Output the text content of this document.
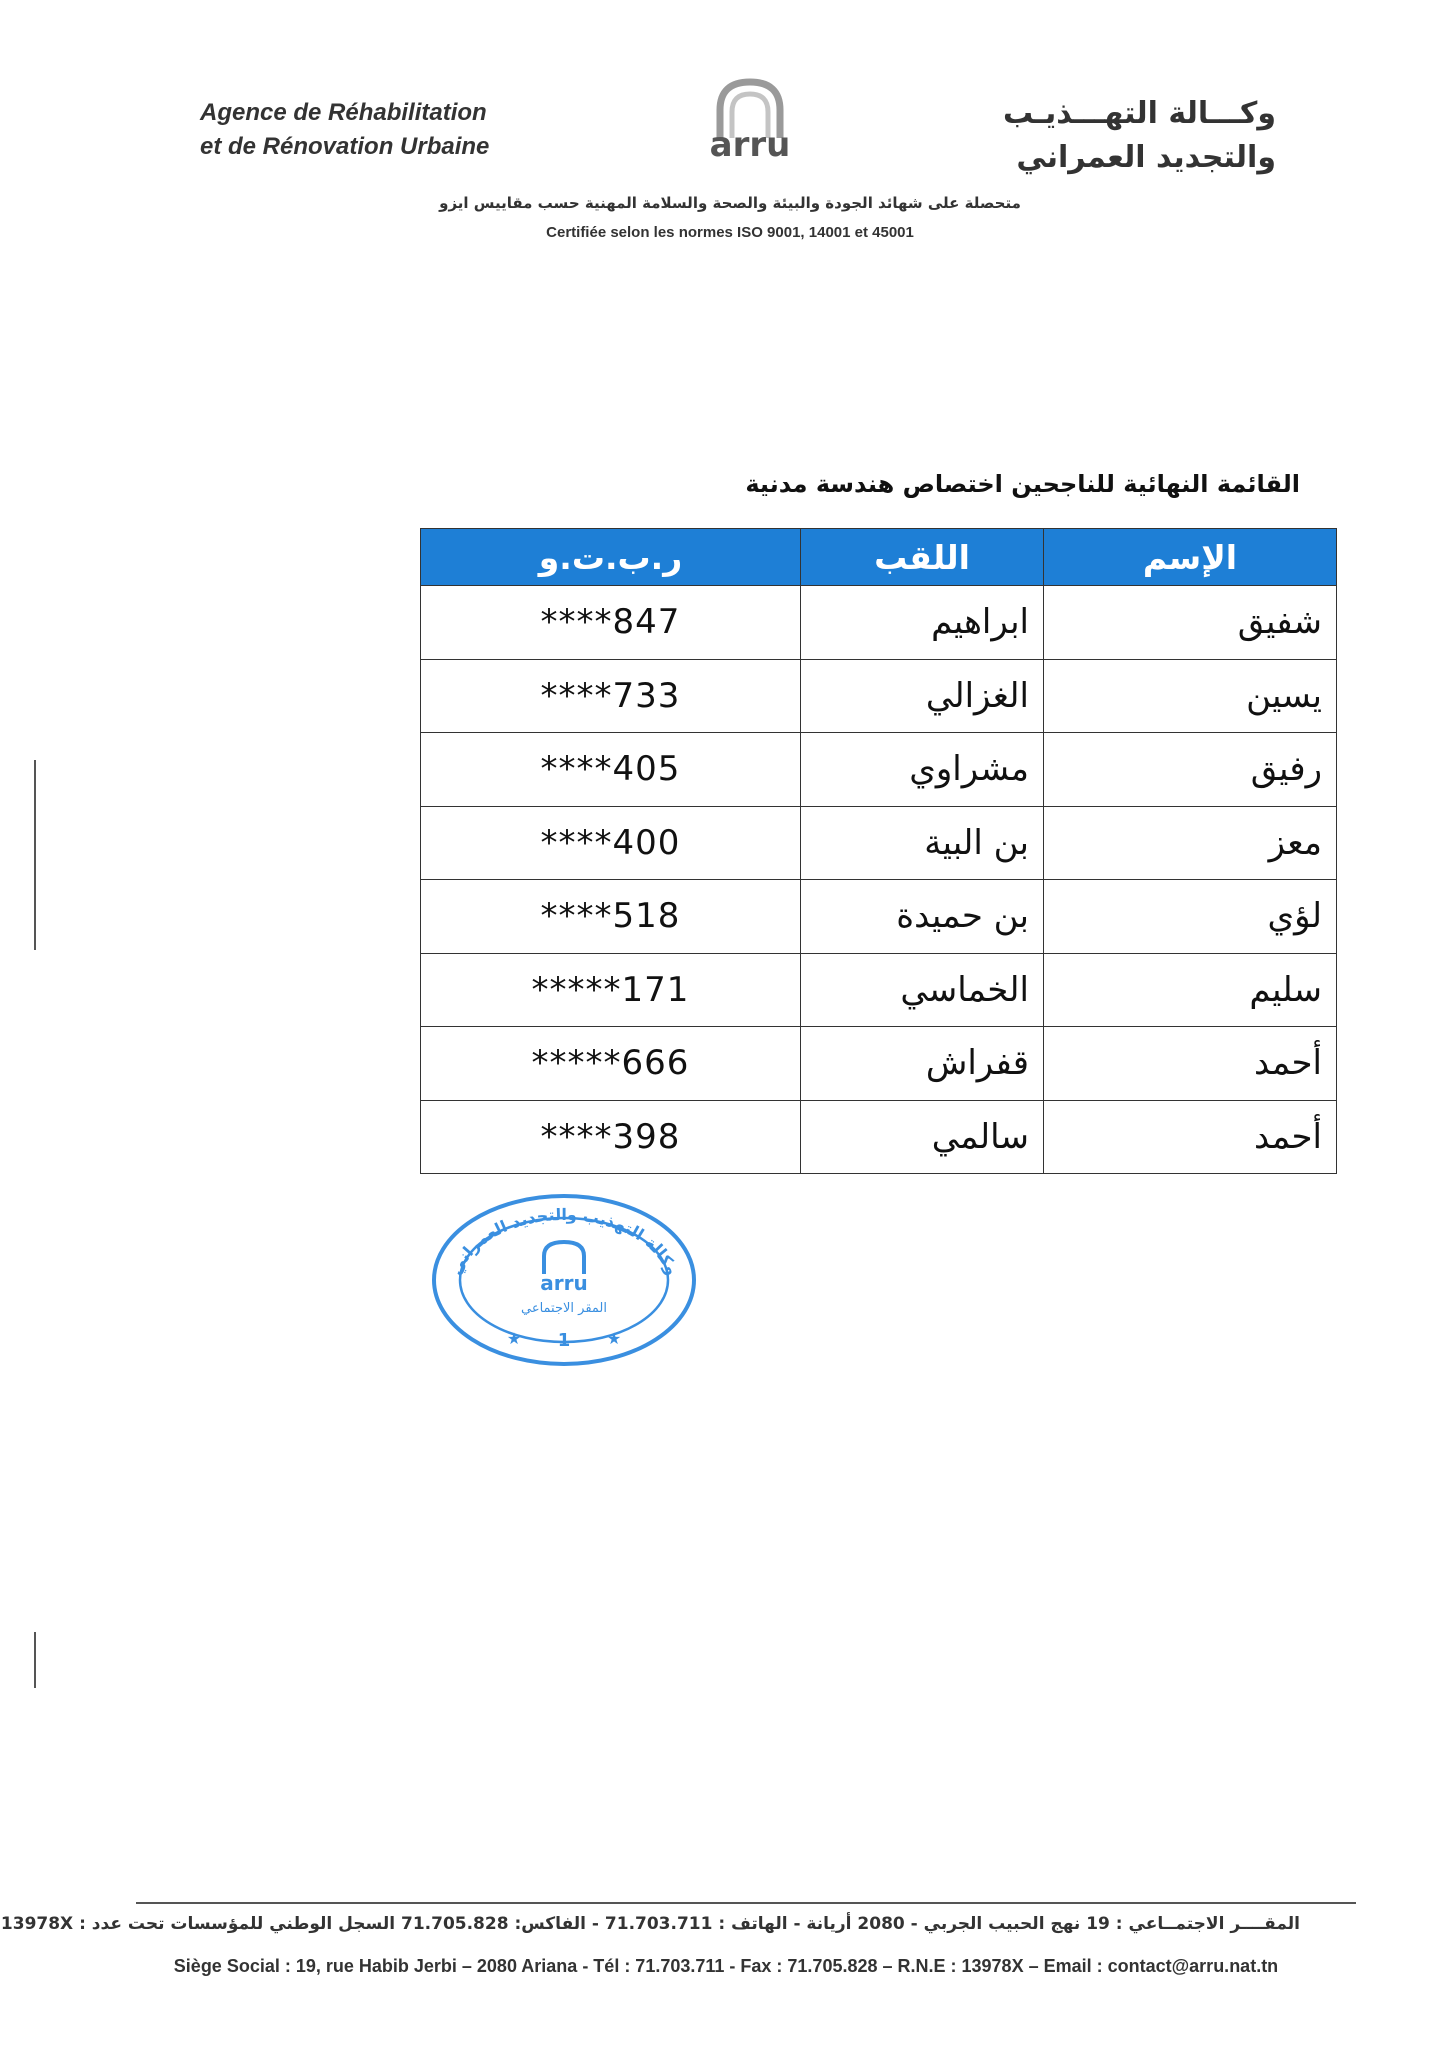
Agence de Réhabilitation
et de Rénovation Urbaine	arru
وكـــالة التهـــذيـب
والتجديد العمراني
متحصلة على شهائد الجودة والبيئة والصحة والسلامة المهنية حسب مقاييس ايزو
Certifiée selon les normes ISO 9001, 14001 et 45001
القائمة النهائية للناجحين اختصاص هندسة مدنية
الإسم	اللقب	ر.ب.ت.و
شفيق	ابراهيم	****847
يسين	الغزالي	****733
رفيق	مشراوي	****405
معز	بن البية	****400
لؤي	بن حميدة	****518
سليم	الخماسي	*****171
أحمد	قفراش	*****666
أحمد	سالمي	****398
وكالة التهذيب والتجديد العمراني
arru
المقر الاجتماعي
★ 1 ★
المقــــر الاجتمــاعي : 19 نهج الحبيب الجربي - 2080 أريانة - الهاتف : 71.703.711 - الفاكس: 71.705.828 السجل الوطني للمؤسسات تحت عدد : 13978X
Siège Social : 19, rue Habib Jerbi – 2080 Ariana - Tél : 71.703.711 - Fax : 71.705.828 – R.N.E : 13978X – Email : contact@arru.nat.tn
